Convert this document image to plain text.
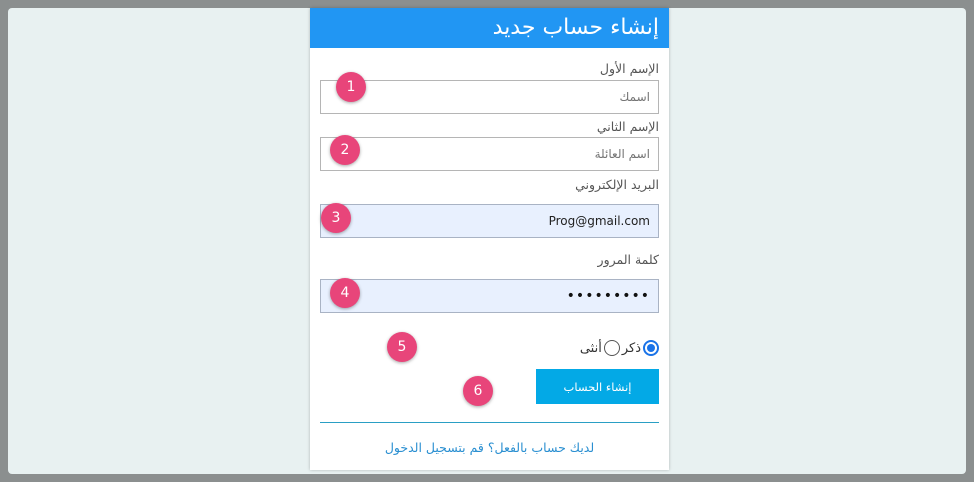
إنشاء حساب جديد
الإسم الأول
اسمك
الإسم الثاني
اسم العائلة
البريد الإلكتروني
Prog@gmail.com
كلمة المرور
•••••••••
ذكر
أنثى
إنشاء الحساب
لديك حساب بالفعل؟ قم بتسجيل الدخول
1
2
3
4
5
6
